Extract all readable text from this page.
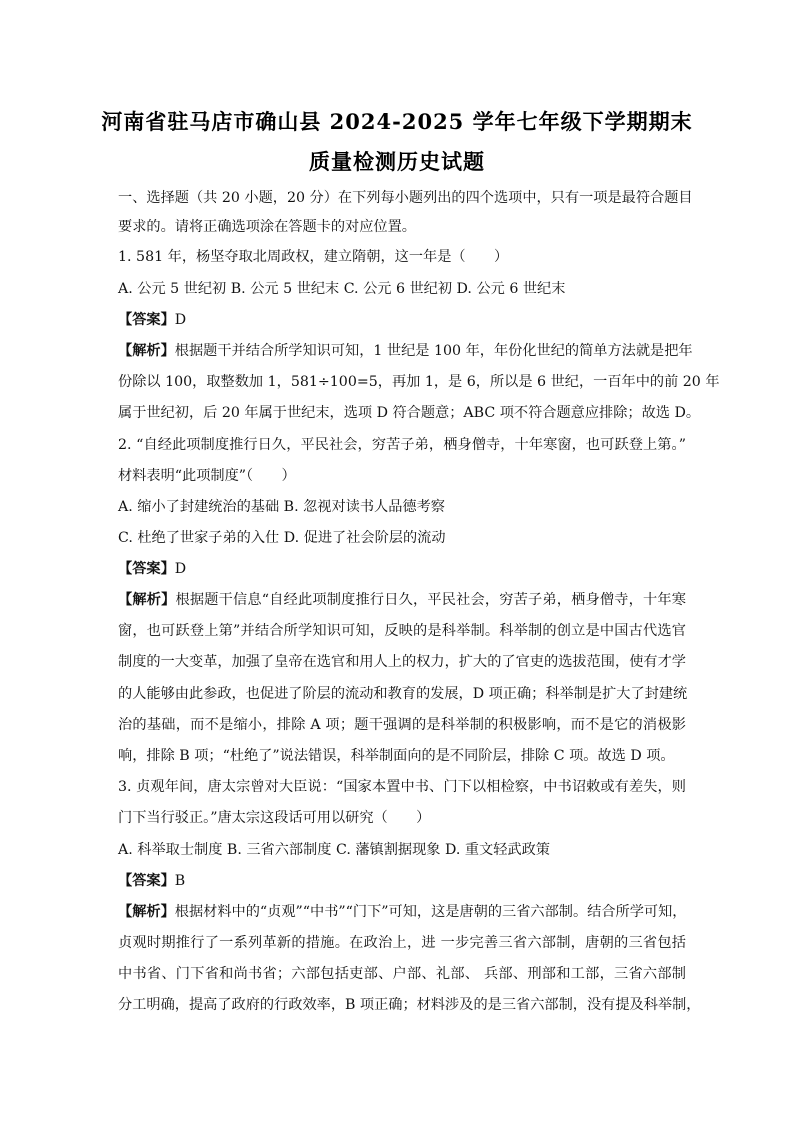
河南省驻马店市确山县 2024-2025 学年七年级下学期期末
质量检测历史试题
一、选择题（共 20 小题，20 分）在下列每小题列出的四个选项中，只有一项是最符合题目
要求的。请将正确选项涂在答题卡的对应位置。
1. 581 年，杨坚夺取北周政权，建立隋朝，这一年是（　　）
A. 公元 5 世纪初 B. 公元 5 世纪末 C. 公元 6 世纪初 D. 公元 6 世纪末
【答案】D
【解析】根据题干并结合所学知识可知，1 世纪是 100 年，年份化世纪的简单方法就是把年
份除以 100，取整数加 1，581÷100=5，再加 1，是 6，所以是 6 世纪，一百年中的前 20 年
属于世纪初，后 20 年属于世纪末，选项 D 符合题意；ABC 项不符合题意应排除；故选 D。
2. “自经此项制度推行日久，平民社会，穷苦子弟，栖身僧寺，十年寒窗，也可跃登上第。”
材料表明“此项制度”（　　）
A. 缩小了封建统治的基础 B. 忽视对读书人品德考察
C. 杜绝了世家子弟的入仕 D. 促进了社会阶层的流动
【答案】D
【解析】根据题干信息“自经此项制度推行日久，平民社会，穷苦子弟，栖身僧寺，十年寒
窗，也可跃登上第”并结合所学知识可知，反映的是科举制。科举制的创立是中国古代选官
制度的一大变革，加强了皇帝在选官和用人上的权力，扩大的了官吏的选拔范围，使有才学
的人能够由此参政，也促进了阶层的流动和教育的发展，D 项正确；科举制是扩大了封建统
治的基础，而不是缩小，排除 A 项；题干强调的是科举制的积极影响，而不是它的消极影
响，排除 B 项；“杜绝了”说法错误，科举制面向的是不同阶层，排除 C 项。故选 D 项。
3. 贞观年间，唐太宗曾对大臣说：“国家本置中书、门下以相检察，中书诏敕或有差失，则
门下当行驳正。”唐太宗这段话可用以研究（　　）
A. 科举取士制度 B. 三省六部制度 C. 藩镇割据现象 D. 重文轻武政策
【答案】B
【解析】根据材料中的“贞观”“中书”“门下”可知，这是唐朝的三省六部制。结合所学可知，
贞观时期推行了一系列革新的措施。在政治上，进 一步完善三省六部制，唐朝的三省包括
中书省、门下省和尚书省；六部包括吏部、户部、礼部、 兵部、刑部和工部，三省六部制
分工明确，提高了政府的行政效率，B 项正确；材料涉及的是三省六部制，没有提及科举制，
